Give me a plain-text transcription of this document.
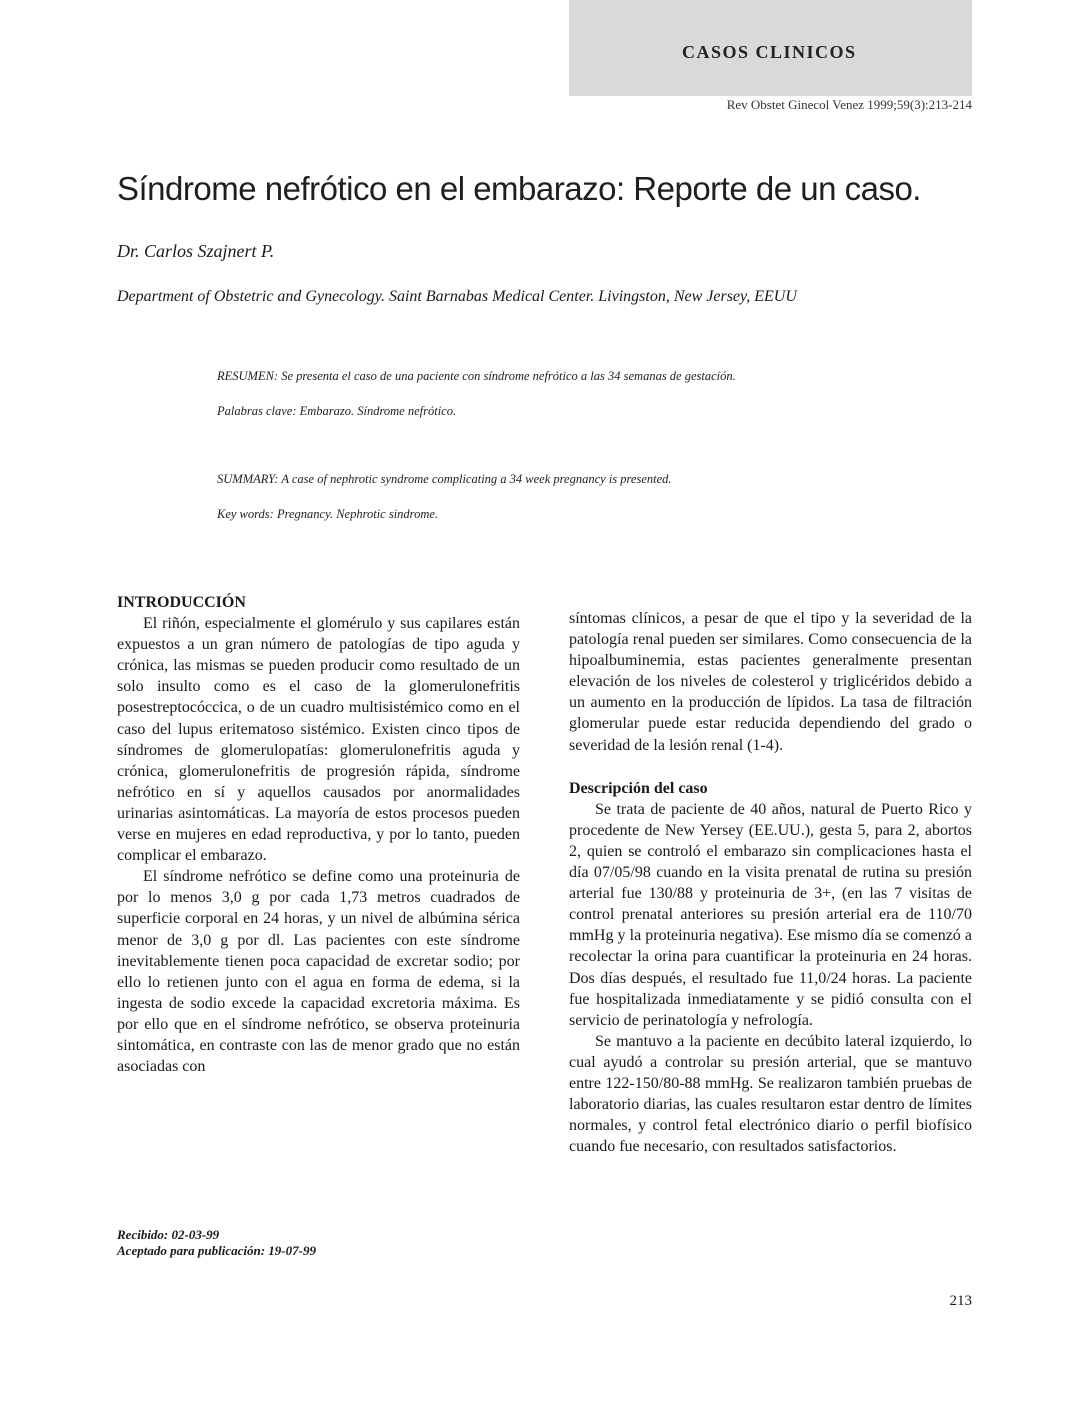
CASOS CLINICOS
Rev Obstet Ginecol Venez 1999;59(3):213-214
Síndrome nefrótico en el embarazo: Reporte de un caso.
Dr. Carlos Szajnert P.
Department of Obstetric and Gynecology. Saint Barnabas Medical Center. Livingston, New Jersey, EEUU
RESUMEN: Se presenta el caso de una paciente con síndrome nefrótico a las 34 semanas de gestación.
Palabras clave: Embarazo. Síndrome nefrótico.
SUMMARY: A case of nephrotic syndrome complicating a 34 week pregnancy is presented.
Key words: Pregnancy. Nephrotic sindrome.
INTRODUCCIÓN

El riñón, especialmente el glomérulo y sus capilares están expuestos a un gran número de patologías de tipo aguda y crónica, las mismas se pueden producir como resultado de un solo insulto como es el caso de la glomerulonefritis posestreptocóccica, o de un cuadro multisistémico como en el caso del lupus eritematoso sistémico. Existen cinco tipos de síndromes de glomerulopatías: glomerulonefritis aguda y crónica, glomerulonefritis de progresión rápida, síndrome nefrótico en sí y aquellos causados por anormalidades urinarias asintomáticas. La mayoría de estos procesos pueden verse en mujeres en edad reproductiva, y por lo tanto, pueden complicar el embarazo.

El síndrome nefrótico se define como una proteinuria de por lo menos 3,0 g por cada 1,73 metros cuadrados de superficie corporal en 24 horas, y un nivel de albúmina sérica menor de 3,0 g por dl. Las pacientes con este síndrome inevitablemente tienen poca capacidad de excretar sodio; por ello lo retienen junto con el agua en forma de edema, si la ingesta de sodio excede la capacidad excretoria máxima. Es por ello que en el síndrome nefrótico, se observa proteinuria sintomática, en contraste con las de menor grado que no están asociadas con

síntomas clínicos, a pesar de que el tipo y la severidad de la patología renal pueden ser similares. Como consecuencia de la hipoalbuminemia, estas pacientes generalmente presentan elevación de los niveles de colesterol y triglicéridos debido a un aumento en la producción de lípidos. La tasa de filtración glomerular puede estar reducida dependiendo del grado o severidad de la lesión renal (1-4).

Descripción del caso

Se trata de paciente de 40 años, natural de Puerto Rico y procedente de New Yersey (EE.UU.), gesta 5, para 2, abortos 2, quien se controló el embarazo sin complicaciones hasta el día 07/05/98 cuando en la visita prenatal de rutina su presión arterial fue 130/88 y proteinuria de 3+, (en las 7 visitas de control prenatal anteriores su presión arterial era de 110/70 mmHg y la proteinuria negativa). Ese mismo día se comenzó a recolectar la orina para cuantificar la proteinuria en 24 horas. Dos días después, el resultado fue 11,0/24 horas. La paciente fue hospitalizada inmediatamente y se pidió consulta con el servicio de perinatología y nefrología.

Se mantuvo a la paciente en decúbito lateral izquierdo, lo cual ayudó a controlar su presión arterial, que se mantuvo entre 122-150/80-88 mmHg. Se realizaron también pruebas de laboratorio diarias, las cuales resultaron estar dentro de límites normales, y control fetal electrónico diario o perfil biofísico cuando fue necesario, con resultados satisfactorios.

Recibido: 02-03-99
Aceptado para publicación: 19-07-99
213
